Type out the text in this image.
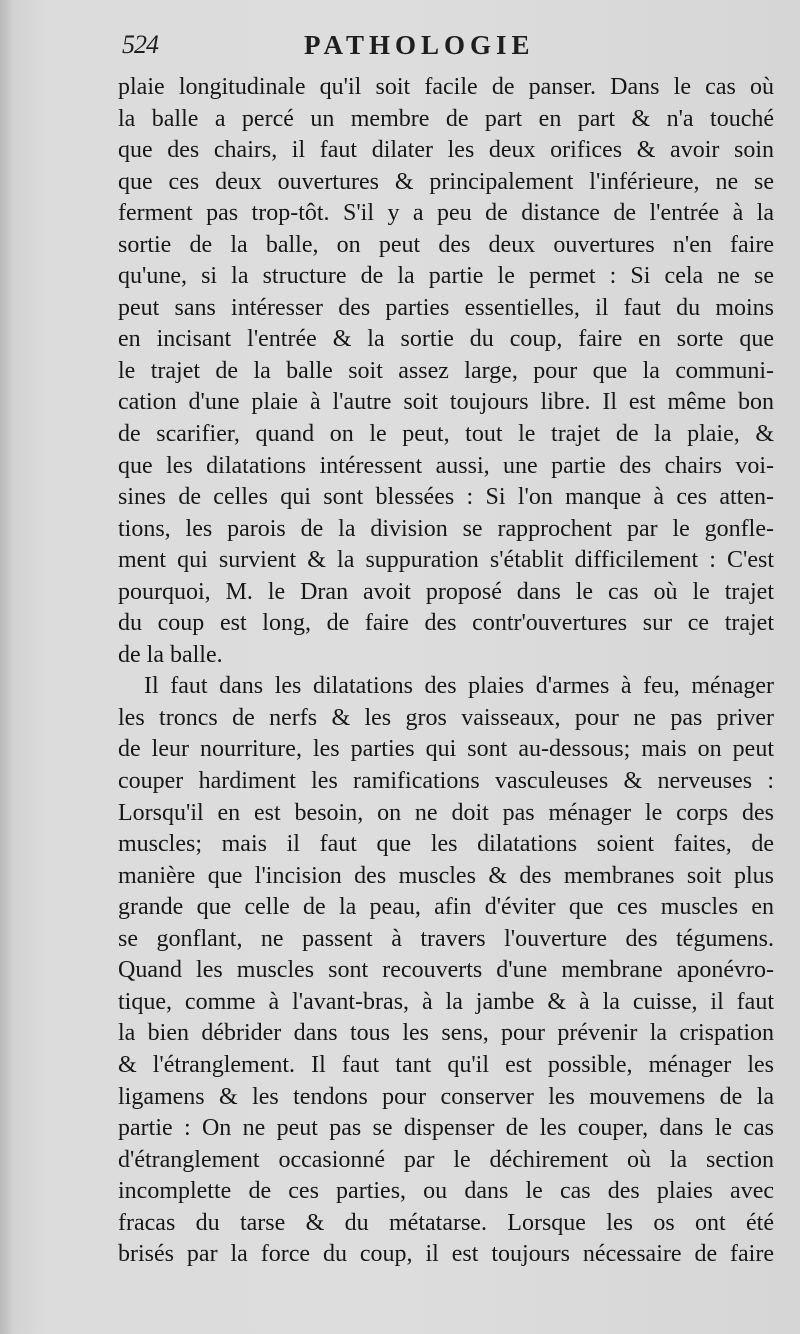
524	PATHOLOGIE
plaie longitudinale qu'il soit facile de panser. Dans le cas où
la balle a percé un membre de part en part & n'a touché
que des chairs, il faut dilater les deux orifices & avoir soin
que ces deux ouvertures & principalement l'inférieure, ne se
ferment pas trop-tôt. S'il y a peu de distance de l'entrée à la
sortie de la balle, on peut des deux ouvertures n'en faire
qu'une, si la structure de la partie le permet : Si cela ne se
peut sans intéresser des parties essentielles, il faut du moins
en incisant l'entrée & la sortie du coup, faire en sorte que
le trajet de la balle soit assez large, pour que la communi-
cation d'une plaie à l'autre soit toujours libre. Il est même bon
de scarifier, quand on le peut, tout le trajet de la plaie, &
que les dilatations intéressent aussi, une partie des chairs voi-
sines de celles qui sont blessées : Si l'on manque à ces atten-
tions, les parois de la division se rapprochent par le gonfle-
ment qui survient & la suppuration s'établit difficilement : C'est
pourquoi, M. le Dran avoit proposé dans le cas où le trajet
du coup est long, de faire des contr'ouvertures sur ce trajet
de la balle.
Il faut dans les dilatations des plaies d'armes à feu, ménager
les troncs de nerfs & les gros vaisseaux, pour ne pas priver
de leur nourriture, les parties qui sont au-dessous; mais on peut
couper hardiment les ramifications vasculeuses & nerveuses :
Lorsqu'il en est besoin, on ne doit pas ménager le corps des
muscles; mais il faut que les dilatations soient faites, de
manière que l'incision des muscles & des membranes soit plus
grande que celle de la peau, afin d'éviter que ces muscles en
se gonflant, ne passent à travers l'ouverture des tégumens.
Quand les muscles sont recouverts d'une membrane aponévro-
tique, comme à l'avant-bras, à la jambe & à la cuisse, il faut
la bien débrider dans tous les sens, pour prévenir la crispation
& l'étranglement. Il faut tant qu'il est possible, ménager les
ligamens & les tendons pour conserver les mouvemens de la
partie : On ne peut pas se dispenser de les couper, dans le cas
d'étranglement occasionné par le déchirement où la section
incomplette de ces parties, ou dans le cas des plaies avec
fracas du tarse & du métatarse. Lorsque les os ont été
brisés par la force du coup, il est toujours nécessaire de faire
